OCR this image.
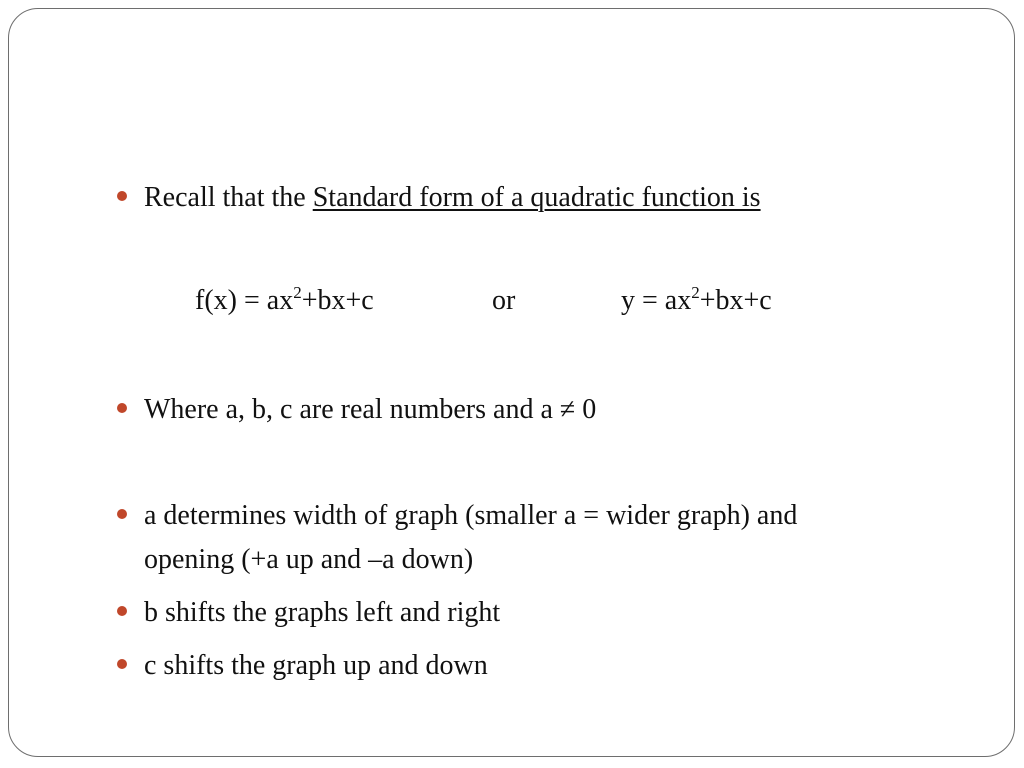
Recall that the Standard form of a quadratic function is
$f(x) = ax^2+bx+c$	or	$y = ax^2+bx+c$
Where a, b, c are real numbers and a ≠ 0
a determines width of graph (smaller a = wider graph) and
opening (+a up and –a down)
b shifts the graphs left and right
c shifts the graph up and down
